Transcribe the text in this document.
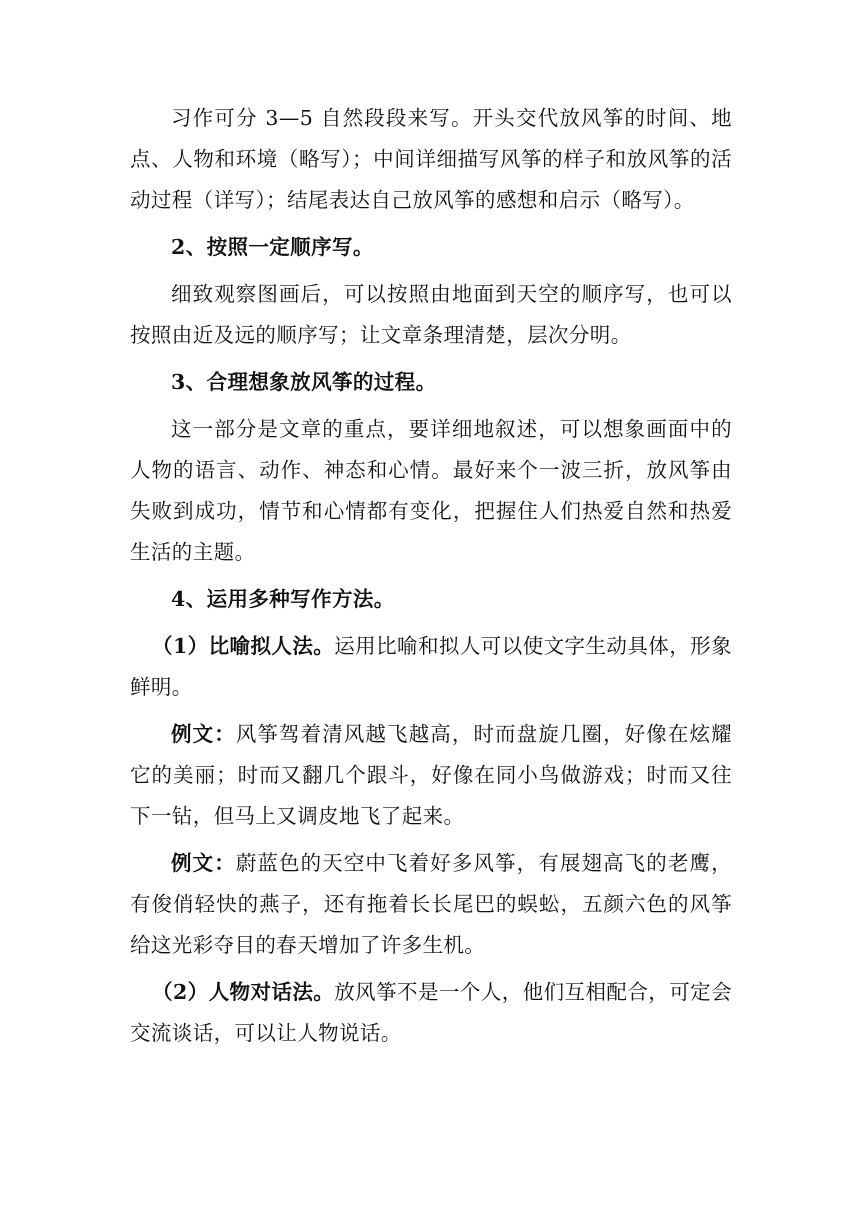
习作可分 3—5 自然段段来写。开头交代放风筝的时间、地点、人物和环境（略写）；中间详细描写风筝的样子和放风筝的活动过程（详写）；结尾表达自己放风筝的感想和启示（略写）。

2、按照一定顺序写。

细致观察图画后，可以按照由地面到天空的顺序写，也可以按照由近及远的顺序写；让文章条理清楚，层次分明。

3、合理想象放风筝的过程。

这一部分是文章的重点，要详细地叙述，可以想象画面中的人物的语言、动作、神态和心情。最好来个一波三折，放风筝由失败到成功，情节和心情都有变化，把握住人们热爱自然和热爱生活的主题。

4、运用多种写作方法。

（1）比喻拟人法。运用比喻和拟人可以使文字生动具体，形象鲜明。

例文：风筝驾着清风越飞越高，时而盘旋几圈，好像在炫耀它的美丽；时而又翻几个跟斗，好像在同小鸟做游戏；时而又往下一钻，但马上又调皮地飞了起来。

例文：蔚蓝色的天空中飞着好多风筝，有展翅高飞的老鹰，有俊俏轻快的燕子，还有拖着长长尾巴的蜈蚣，五颜六色的风筝给这光彩夺目的春天增加了许多生机。

（2）人物对话法。放风筝不是一个人，他们互相配合，可定会交流谈话，可以让人物说话。
